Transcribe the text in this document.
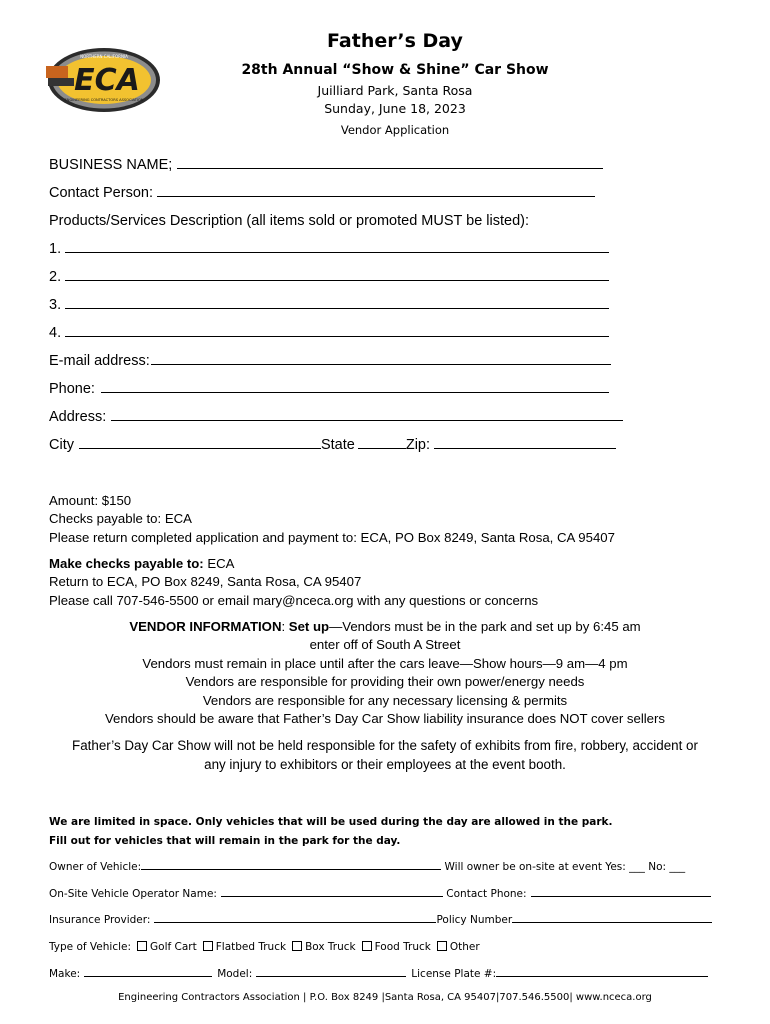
NORTHERN CALIFORNIA
ECA
ENGINEERING CONTRACTORS ASSOCIATION
Father’s Day
28th Annual “Show & Shine” Car Show
Juilliard Park, Santa Rosa
Sunday, June 18, 2023
Vendor Application
BUSINESS NAME;
Contact Person:
Products/Services Description (all items sold or promoted MUST be listed):
1.
2.
3.
4.
E-mail address:
Phone:
Address:
City	State	Zip:
Amount: $150
Checks payable to: ECA
Please return completed application and payment to: ECA, PO Box 8249, Santa Rosa, CA 95407
Make checks payable to: ECA
Return to ECA, PO Box 8249, Santa Rosa, CA 95407
Please call 707-546-5500 or email mary@nceca.org with any questions or concerns
VENDOR INFORMATION: Set up—Vendors must be in the park and set up by 6:45 am
enter off of South A Street
Vendors must remain in place until after the cars leave—Show hours—9 am—4 pm
Vendors are responsible for providing their own power/energy needs
Vendors are responsible for any necessary licensing & permits
Vendors should be aware that Father’s Day Car Show liability insurance does NOT cover sellers
Father’s Day Car Show will not be held responsible for the safety of exhibits from fire, robbery, accident or
any injury to exhibitors or their employees at the event booth.
We are limited in space. Only vehicles that will be used during the day are allowed in the park.
Fill out for vehicles that will remain in the park for the day.
Owner of Vehicle:	Will owner be on-site at event Yes: ___ No: ___
On-Site Vehicle Operator Name:	Contact Phone:
Insurance Provider:	Policy Number
Type of Vehicle: Golf Cart Flatbed Truck Box Truck Food Truck Other
Make:	Model:	License Plate #:
Engineering Contractors Association | P.O. Box 8249 |Santa Rosa, CA 95407|707.546.5500| www.nceca.org
